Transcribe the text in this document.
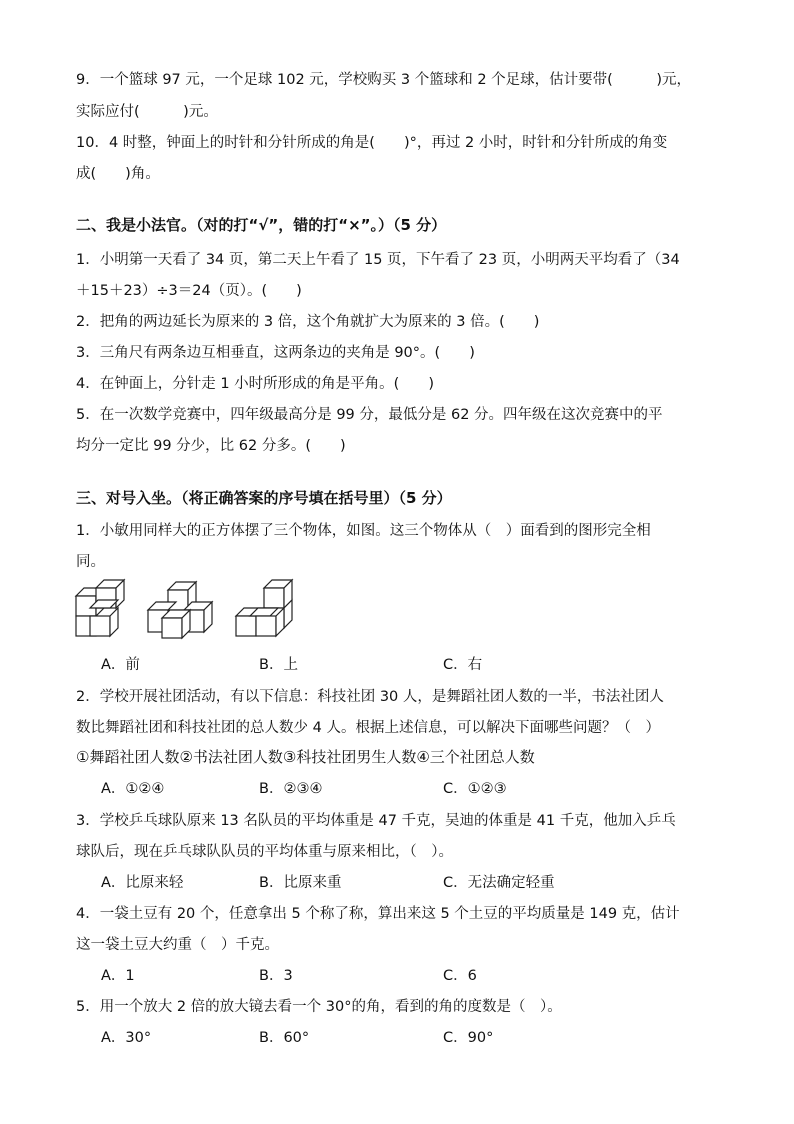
9．一个篮球 97 元，一个足球 102 元，学校购买 3 个篮球和 2 个足球，估计要带(　　　)元，
实际应付(　　　)元。
10．4 时整，钟面上的时针和分针所成的角是(　　)°，再过 2 小时，时针和分针所成的角变
成(　　)角。
二、我是小法官。（对的打“√”，错的打“×”。）（5 分）
1．小明第一天看了 34 页，第二天上午看了 15 页，下午看了 23 页，小明两天平均看了（34
＋15＋23）÷3＝24（页）。(　　)
2．把角的两边延长为原来的 3 倍，这个角就扩大为原来的 3 倍。(　　)
3．三角尺有两条边互相垂直，这两条边的夹角是 90°。(　　)
4．在钟面上，分针走 1 小时所形成的角是平角。(　　)
5．在一次数学竞赛中，四年级最高分是 99 分，最低分是 62 分。四年级在这次竞赛中的平
均分一定比 99 分少，比 62 分多。(　　)
三、对号入坐。（将正确答案的序号填在括号里）（5 分）
1．小敏用同样大的正方体摆了三个物体，如图。这三个物体从（　）面看到的图形完全相
同。
A．前	B．上	C．右
2．学校开展社团活动，有以下信息：科技社团 30 人，是舞蹈社团人数的一半，书法社团人
数比舞蹈社团和科技社团的总人数少 4 人。根据上述信息，可以解决下面哪些问题？（　）
①舞蹈社团人数②书法社团人数③科技社团男生人数④三个社团总人数
A．①②④	B．②③④	C．①②③
3．学校乒乓球队原来 13 名队员的平均体重是 47 千克，吴迪的体重是 41 千克，他加入乒乓
球队后，现在乒乓球队队员的平均体重与原来相比，（　）。
A．比原来轻	B．比原来重	C．无法确定轻重
4．一袋土豆有 20 个，任意拿出 5 个称了称，算出来这 5 个土豆的平均质量是 149 克，估计
这一袋土豆大约重（　）千克。
A．1	B．3	C．6
5．用一个放大 2 倍的放大镜去看一个 30°的角，看到的角的度数是（　）。
A．30°	B．60°	C．90°
